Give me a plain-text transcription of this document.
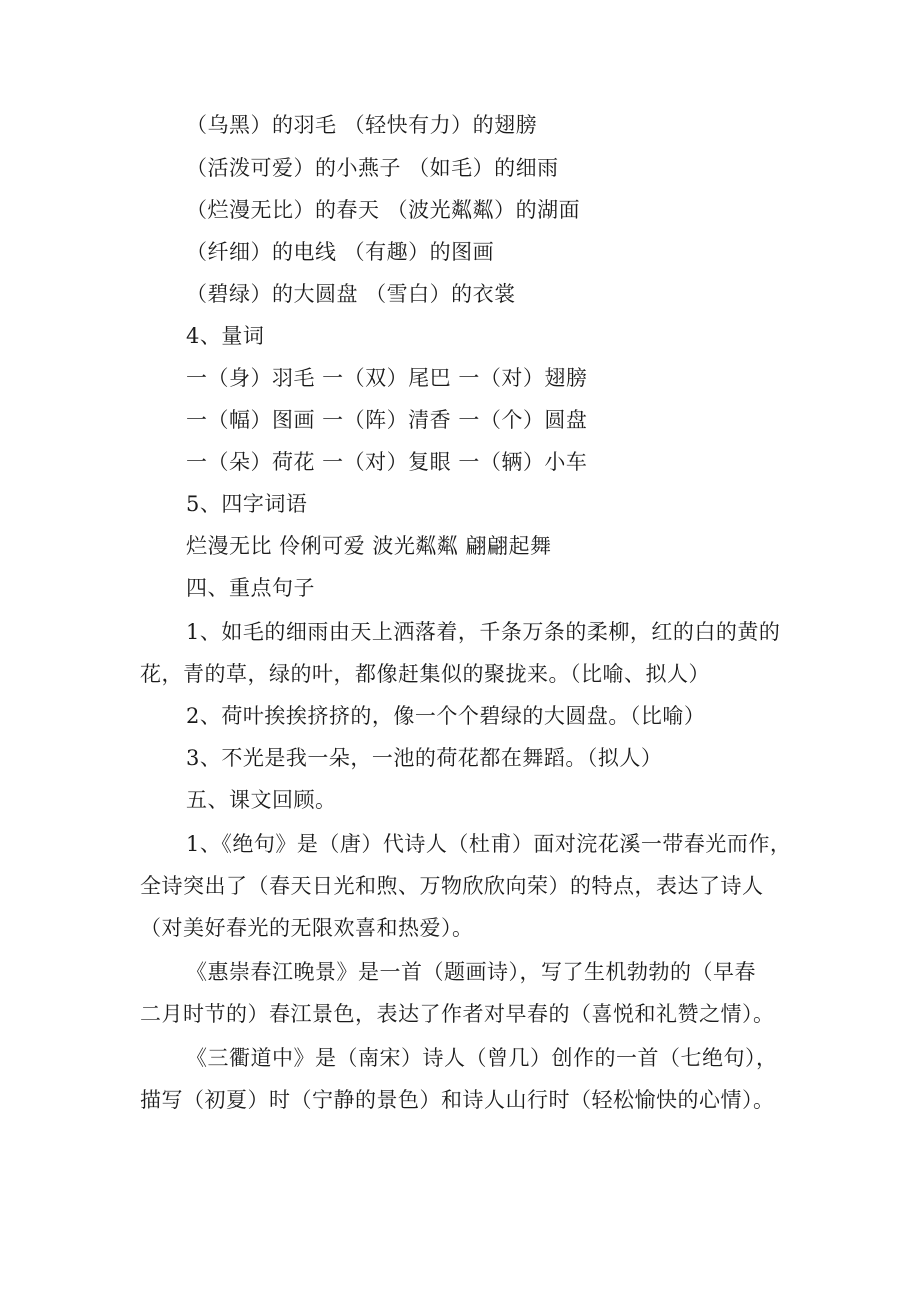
（乌黑）的羽毛 （轻快有力）的翅膀
（活泼可爱）的小燕子 （如毛）的细雨
（烂漫无比）的春天 （波光粼粼）的湖面
（纤细）的电线 （有趣）的图画
（碧绿）的大圆盘 （雪白）的衣裳
4、量词
一（身）羽毛 一（双）尾巴 一（对）翅膀
一（幅）图画 一（阵）清香 一（个）圆盘
一（朵）荷花 一（对）复眼 一（辆）小车
5、四字词语
烂漫无比 伶俐可爱 波光粼粼 翩翩起舞
四、重点句子
1、如毛的细雨由天上洒落着，千条万条的柔柳，红的白的黄的
花，青的草，绿的叶，都像赶集似的聚拢来。（比喻、拟人）
2、荷叶挨挨挤挤的，像一个个碧绿的大圆盘。（比喻）
3、不光是我一朵，一池的荷花都在舞蹈。（拟人）
五、课文回顾。
1、《绝句》是（唐）代诗人（杜甫）面对浣花溪一带春光而作，
全诗突出了（春天日光和煦、万物欣欣向荣）的特点，表达了诗人
（对美好春光的无限欢喜和热爱）。
《惠崇春江晚景》是一首（题画诗），写了生机勃勃的（早春
二月时节的）春江景色，表达了作者对早春的（喜悦和礼赞之情）。
《三衢道中》是（南宋）诗人（曾几）创作的一首（七绝句），
描写（初夏）时（宁静的景色）和诗人山行时（轻松愉快的心情）。
